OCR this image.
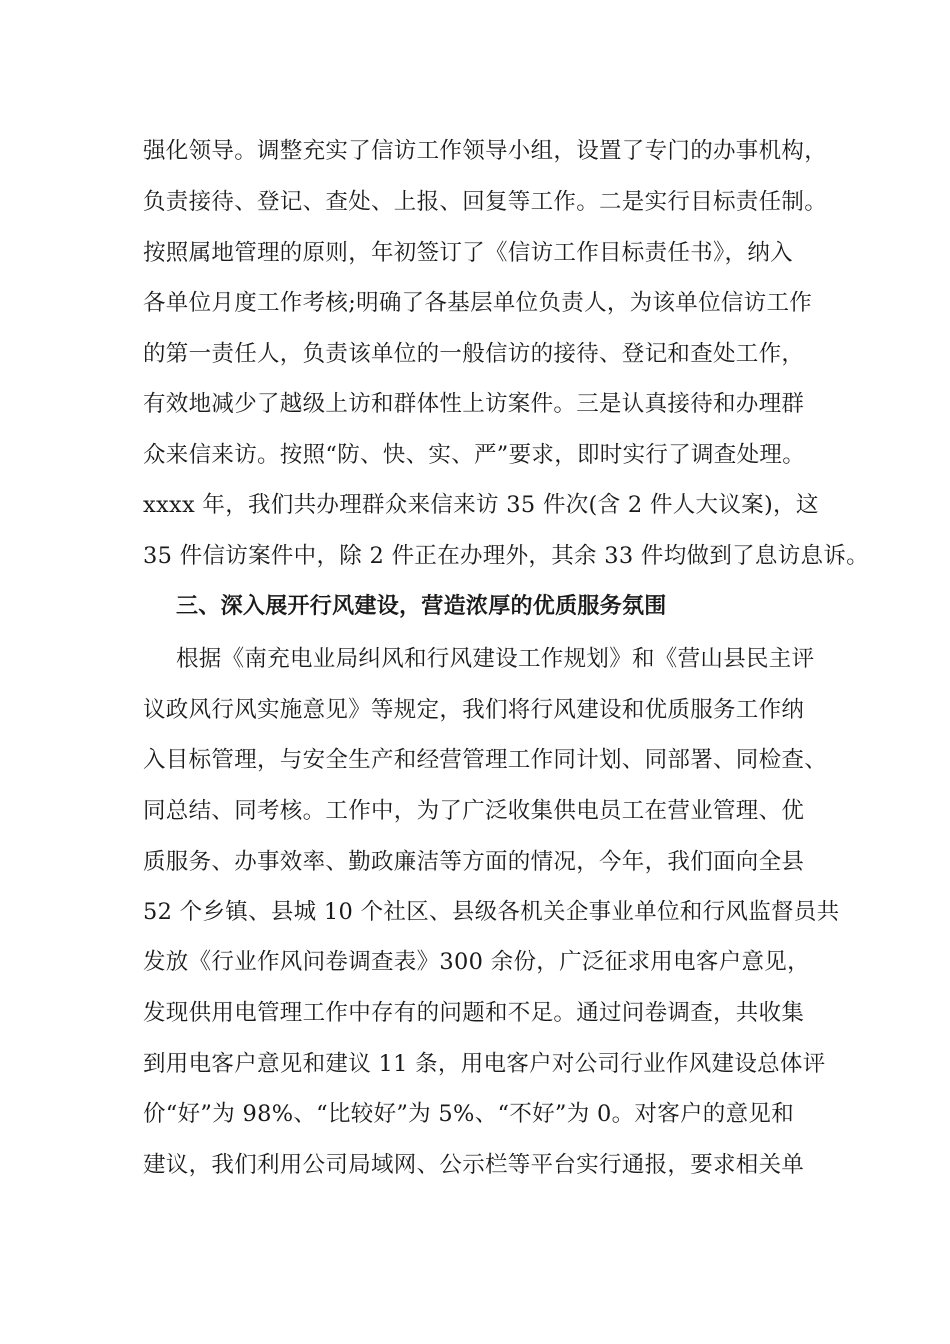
强化领导。调整充实了信访工作领导小组，设置了专门的办事机构，
负责接待、登记、查处、上报、回复等工作。二是实行目标责任制。
按照属地管理的原则，年初签订了《信访工作目标责任书》，纳入
各单位月度工作考核;明确了各基层单位负责人，为该单位信访工作
的第一责任人，负责该单位的一般信访的接待、登记和查处工作，
有效地减少了越级上访和群体性上访案件。三是认真接待和办理群
众来信来访。按照“防、快、实、严”要求，即时实行了调查处理。
xxxx 年，我们共办理群众来信来访 35 件次(含 2 件人大议案)，这
35 件信访案件中，除 2 件正在办理外，其余 33 件均做到了息访息诉。
三、深入展开行风建设，营造浓厚的优质服务氛围
根据《南充电业局纠风和行风建设工作规划》和《营山县民主评
议政风行风实施意见》等规定，我们将行风建设和优质服务工作纳
入目标管理，与安全生产和经营管理工作同计划、同部署、同检查、
同总结、同考核。工作中，为了广泛收集供电员工在营业管理、优
质服务、办事效率、勤政廉洁等方面的情况，今年，我们面向全县
52 个乡镇、县城 10 个社区、县级各机关企事业单位和行风监督员共
发放《行业作风问卷调查表》300 余份，广泛征求用电客户意见，
发现供用电管理工作中存有的问题和不足。通过问卷调查，共收集
到用电客户意见和建议 11 条，用电客户对公司行业作风建设总体评
价“好”为 98%、“比较好”为 5%、“不好”为 0。对客户的意见和
建议，我们利用公司局域网、公示栏等平台实行通报，要求相关单
